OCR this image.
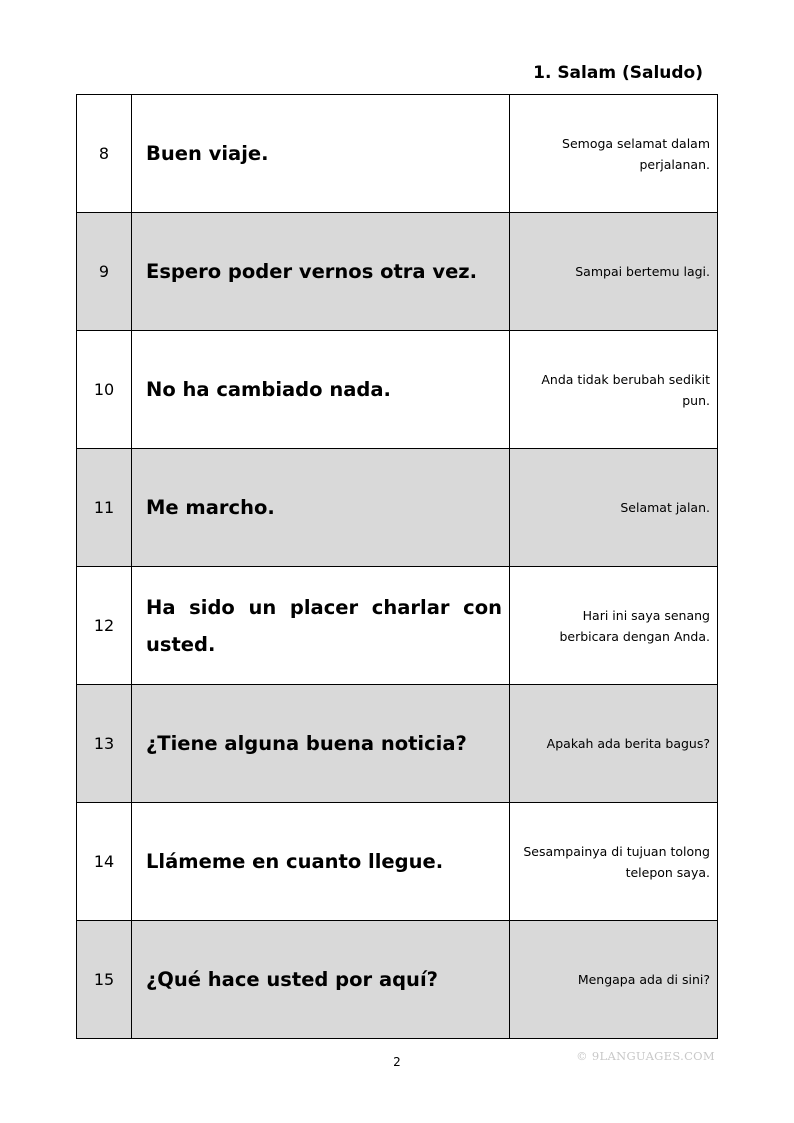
1. Salam (Saludo)
8	Buen viaje.	Semoga selamat dalam perjalanan.
9	Espero poder vernos otra vez.	Sampai bertemu lagi.
10	No ha cambiado nada.	Anda tidak berubah sedikit pun.
11	Me marcho.	Selamat jalan.
12	Ha sido un placer charlar con usted.	Hari ini saya senang berbicara dengan Anda.
13	¿Tiene alguna buena noticia?	Apakah ada berita bagus?
14	Llámeme en cuanto llegue.	Sesampainya di tujuan tolong telepon saya.
15	¿Qué hace usted por aquí?	Mengapa ada di sini?
2	© 9LANGUAGES.COM
